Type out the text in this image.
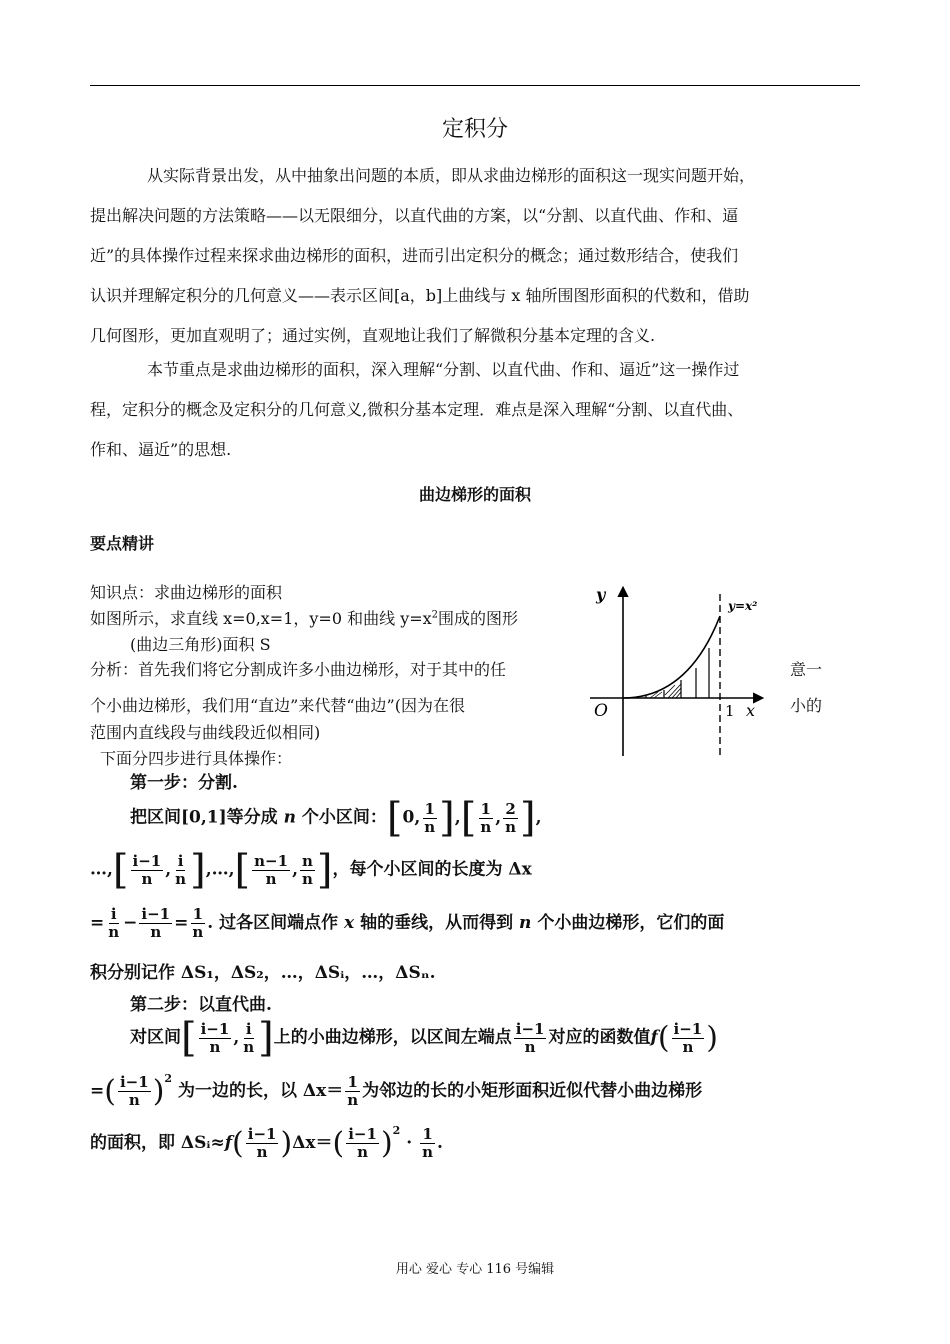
定积分
从实际背景出发，从中抽象出问题的本质，即从求曲边梯形的面积这一现实问题开始，
提出解决问题的方法策略——以无限细分，以直代曲的方案，以“分割、以直代曲、作和、逼
近”的具体操作过程来探求曲边梯形的面积，进而引出定积分的概念；通过数形结合，使我们
认识并理解定积分的几何意义——表示区间[a，b]上曲线与 x 轴所围图形面积的代数和，借助
几何图形，更加直观明了；通过实例，直观地让我们了解微积分基本定理的含义.
本节重点是求曲边梯形的面积，深入理解“分割、以直代曲、作和、逼近”这一操作过
程，定积分的概念及定积分的几何意义,微积分基本定理．难点是深入理解“分割、以直代曲、
作和、逼近”的思想.
曲边梯形的面积
要点精讲
知识点：求曲边梯形的面积
如图所示，求直线 x=0,x=1，y=0 和曲线 $y=x^2$围成的图形
(曲边三角形)面积 S
分析：首先我们将它分割成许多小曲边梯形，对于其中的任	意一
个小曲边梯形，我们用“直边”来代替“曲边”(因为在很	小的
范围内直线段与曲线段近似相同)
下面分四步进行具体操作：
y
x
O	1
y=x²
第一步：分割.
把区间[0,1]等分成 n 个小区间：[0, $\frac{1}{n}$ ],[ $\frac{1}{n}$ , $\frac{2}{n}$ ],
…,[ $\frac{i-1}{n}$ , $\frac{i}{n}$ ],…,[ $\frac{n-1}{n}$ , $\frac{n}{n}$ ]，每个小区间的长度为 Δx
= $\frac{i}{n} - \frac{i-1}{n} = \frac{1}{n}$ . 过各区间端点作 x 轴的垂线，从而得到 n 个小曲边梯形，它们的面
积分别记作 ΔS₁，ΔS₂，…，ΔSᵢ，…，ΔSₙ.
第二步：以直代曲.
对区间[ $\frac{i-1}{n}$ , $\frac{i}{n}$ ]上的小曲边梯形，以区间左端点 $\frac{i-1}{n}$ 对应的函数值$f( \frac{i-1}{n}$ )
=( $\frac{i-1}{n} )^2$ 为一边的长，以 $\Delta x= \frac{1}{n}$ 为邻边的长的小矩形面积近似代替小曲边梯形
的面积，即 ΔSᵢ≈f( $\frac{i-1}{n} )\Delta x=( \frac{i-1}{n} )^2 \cdot \frac{1}{n}$ .
用心 爱心 专心 116 号编辑
